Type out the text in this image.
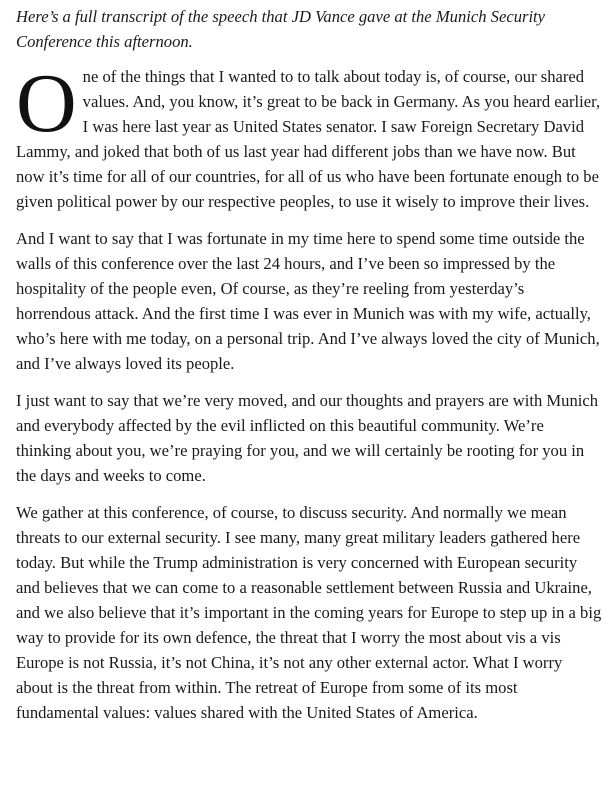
Here’s a full transcript of the speech that JD Vance gave at the Munich Security Conference this afternoon.

One of the things that I wanted to to talk about today is, of course, our shared values. And, you know, it’s great to be back in Germany. As you heard earlier, I was here last year as United States senator. I saw Foreign Secretary David Lammy, and joked that both of us last year had different jobs than we have now. But now it’s time for all of our countries, for all of us who have been fortunate enough to be given political power by our respective peoples, to use it wisely to improve their lives.

And I want to say that I was fortunate in my time here to spend some time outside the walls of this conference over the last 24 hours, and I’ve been so impressed by the hospitality of the people even, Of course, as they’re reeling from yesterday’s horrendous attack. And the first time I was ever in Munich was with my wife, actually, who’s here with me today, on a personal trip. And I’ve always loved the city of Munich, and I’ve always loved its people.

I just want to say that we’re very moved, and our thoughts and prayers are with Munich and everybody affected by the evil inflicted on this beautiful community. We’re thinking about you, we’re praying for you, and we will certainly be rooting for you in the days and weeks to come.

We gather at this conference, of course, to discuss security. And normally we mean threats to our external security. I see many, many great military leaders gathered here today. But while the Trump administration is very concerned with European security and believes that we can come to a reasonable settlement between Russia and Ukraine, and we also believe that it’s important in the coming years for Europe to step up in a big way to provide for its own defence, the threat that I worry the most about vis a vis Europe is not Russia, it’s not China, it’s not any other external actor. What I worry about is the threat from within. The retreat of Europe from some of its most fundamental values: values shared with the United States of America.
